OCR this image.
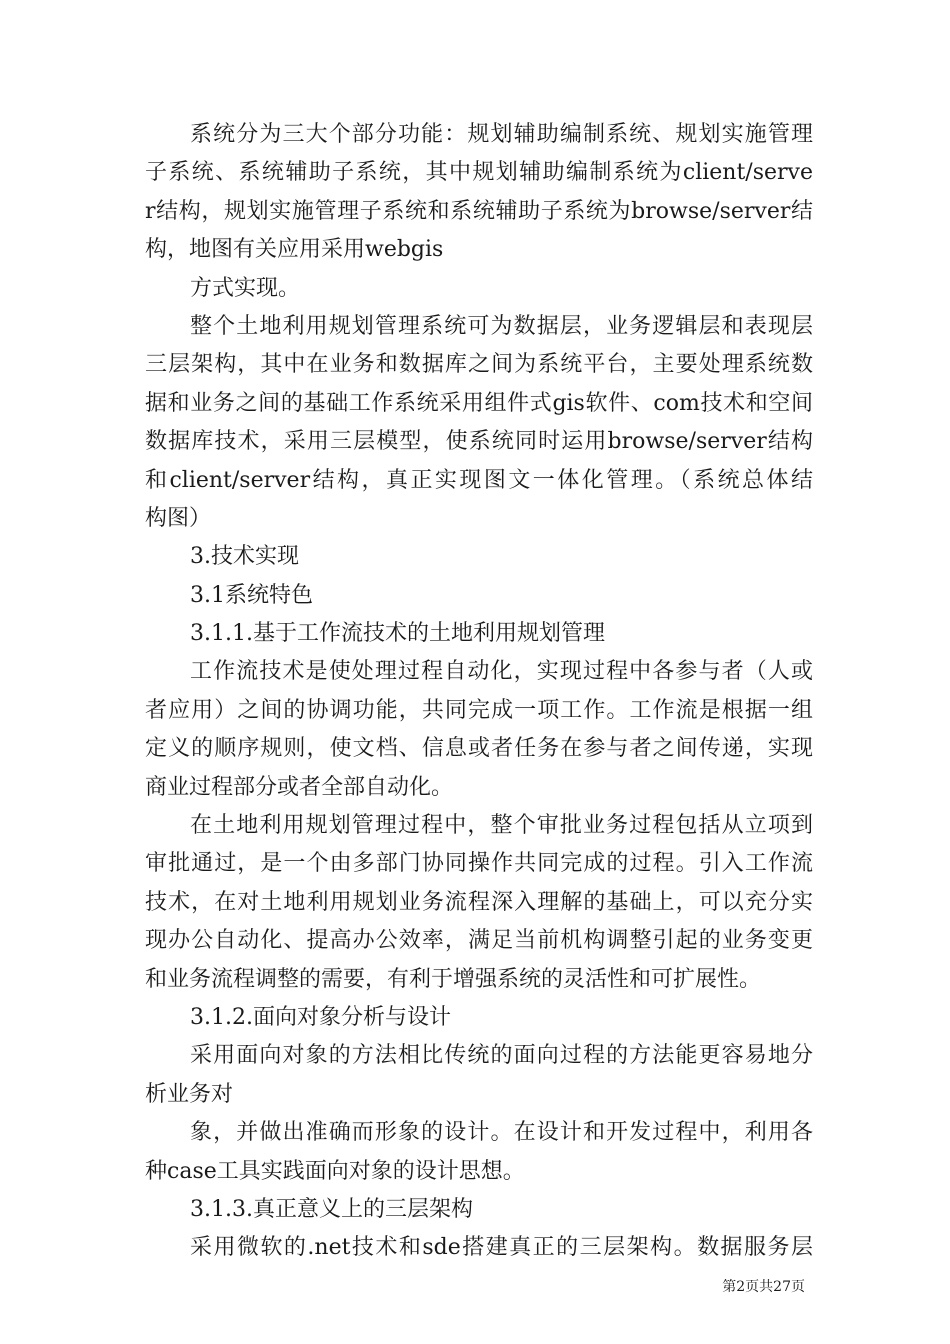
系统分为三大个部分功能：规划辅助编制系统、规划实施管理
子系统、系统辅助子系统，其中规划辅助编制系统为client/serve
r结构，规划实施管理子系统和系统辅助子系统为browse/server结
构，地图有关应用采用webgis
方式实现。
整个土地利用规划管理系统可为数据层，业务逻辑层和表现层
三层架构，其中在业务和数据库之间为系统平台，主要处理系统数
据和业务之间的基础工作系统采用组件式gis软件、com技术和空间
数据库技术，采用三层模型，使系统同时运用browse/server结构
和client/server结构，真正实现图文一体化管理。（系统总体结
构图）
3.技术实现
3.1系统特色
3.1.1.基于工作流技术的土地利用规划管理
工作流技术是使处理过程自动化，实现过程中各参与者（人或
者应用）之间的协调功能，共同完成一项工作。工作流是根据一组
定义的顺序规则，使文档、信息或者任务在参与者之间传递，实现
商业过程部分或者全部自动化。
在土地利用规划管理过程中，整个审批业务过程包括从立项到
审批通过，是一个由多部门协同操作共同完成的过程。引入工作流
技术，在对土地利用规划业务流程深入理解的基础上，可以充分实
现办公自动化、提高办公效率，满足当前机构调整引起的业务变更
和业务流程调整的需要，有利于增强系统的灵活性和可扩展性。
3.1.2.面向对象分析与设计
采用面向对象的方法相比传统的面向过程的方法能更容易地分
析业务对
象，并做出准确而形象的设计。在设计和开发过程中，利用各
种case工具实践面向对象的设计思想。
3.1.3.真正意义上的三层架构
采用微软的.net技术和sde搭建真正的三层架构。数据服务层
第2页共27页
